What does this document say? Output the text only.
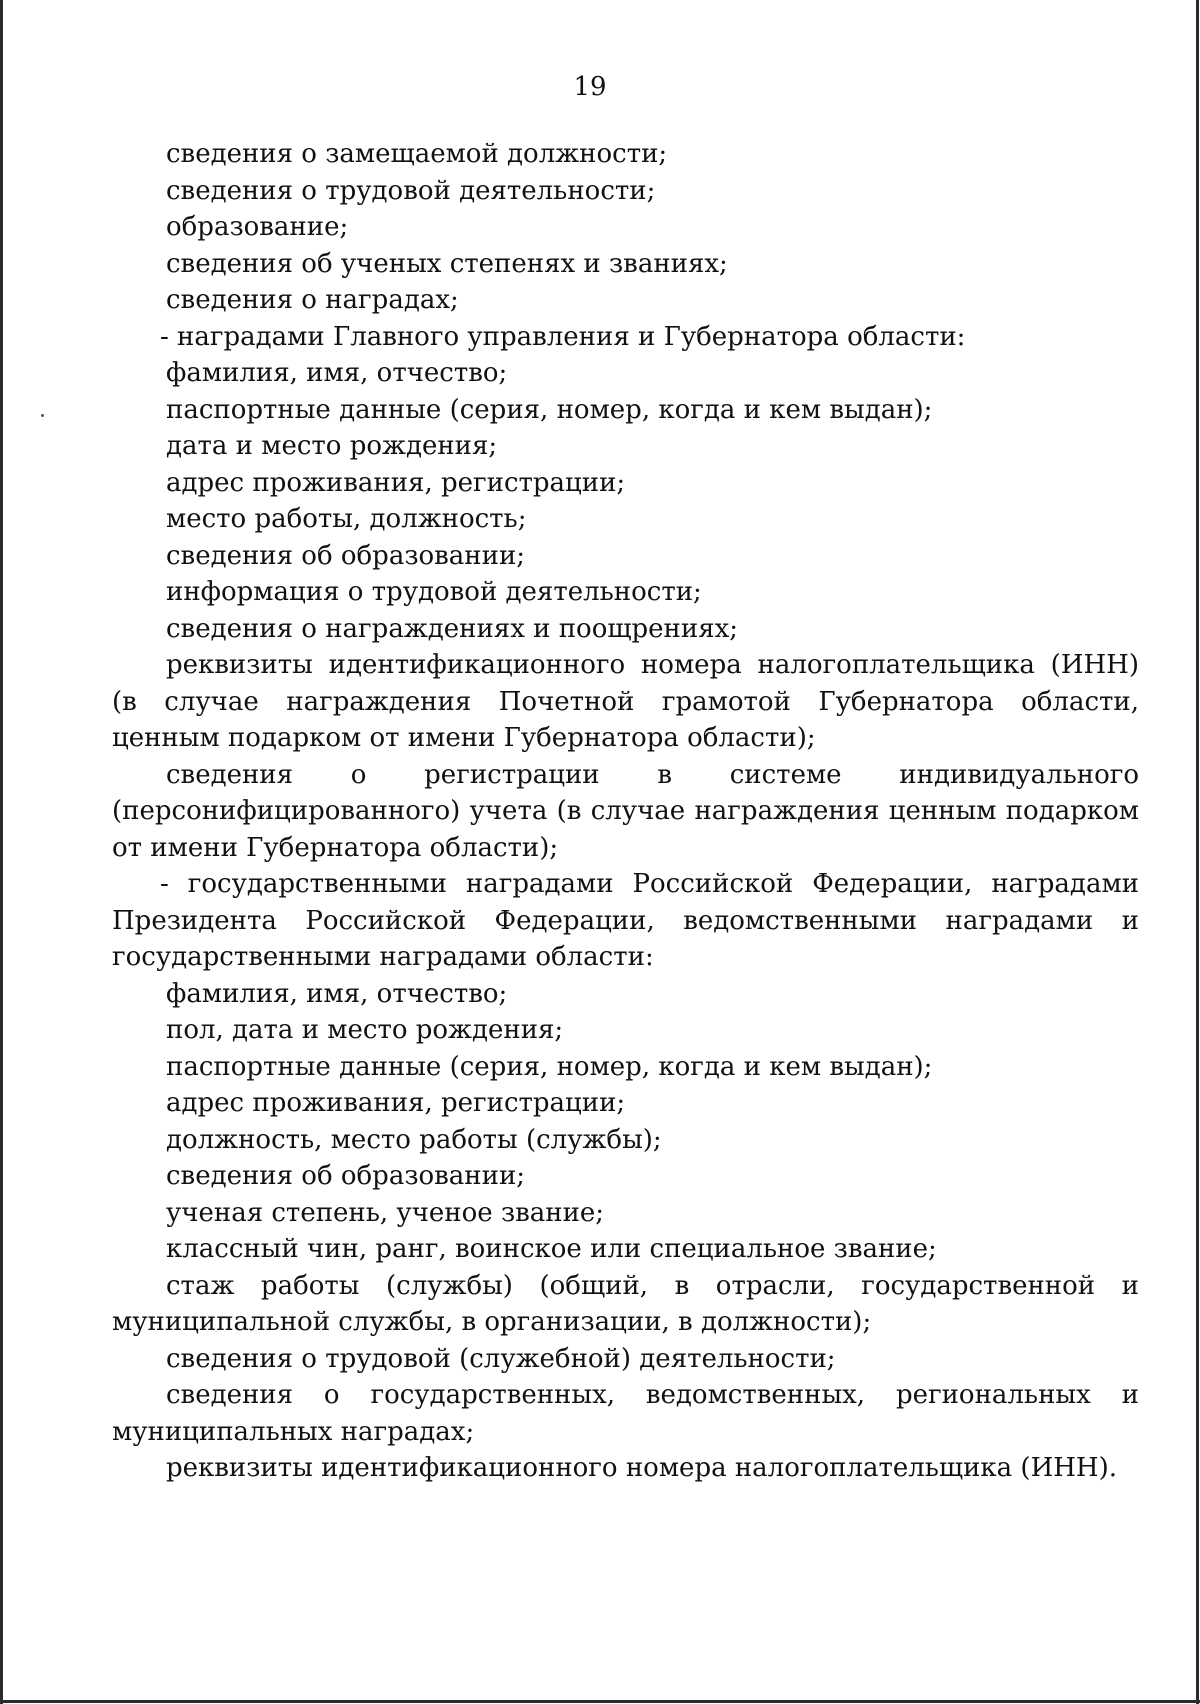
19

сведения о замещаемой должности;

сведения о трудовой деятельности;

образование;

сведения об ученых степенях и званиях;

сведения о наградах;

- наградами Главного управления и Губернатора области:

фамилия, имя, отчество;

паспортные данные (серия, номер, когда и кем выдан);

дата и место рождения;

адрес проживания, регистрации;

место работы, должность;

сведения об образовании;

информация о трудовой деятельности;

сведения о награждениях и поощрениях;

реквизиты идентификационного номера налогоплательщика (ИНН) (в случае награждения Почетной грамотой Губернатора области, ценным подарком от имени Губернатора области);

сведения о регистрации в системе индивидуального (персонифицированного) учета (в случае награждения ценным подарком от имени Губернатора области);

- государственными наградами Российской Федерации, наградами Президента Российской Федерации, ведомственными наградами и государственными наградами области:

фамилия, имя, отчество;

пол, дата и место рождения;

паспортные данные (серия, номер, когда и кем выдан);

адрес проживания, регистрации;

должность, место работы (службы);

сведения об образовании;

ученая степень, ученое звание;

классный чин, ранг, воинское или специальное звание;

стаж работы (службы) (общий, в отрасли, государственной и муниципальной службы, в организации, в должности);

сведения о трудовой (служебной) деятельности;

сведения о государственных, ведомственных, региональных и муниципальных наградах;

реквизиты идентификационного номера налогоплательщика (ИНН).
